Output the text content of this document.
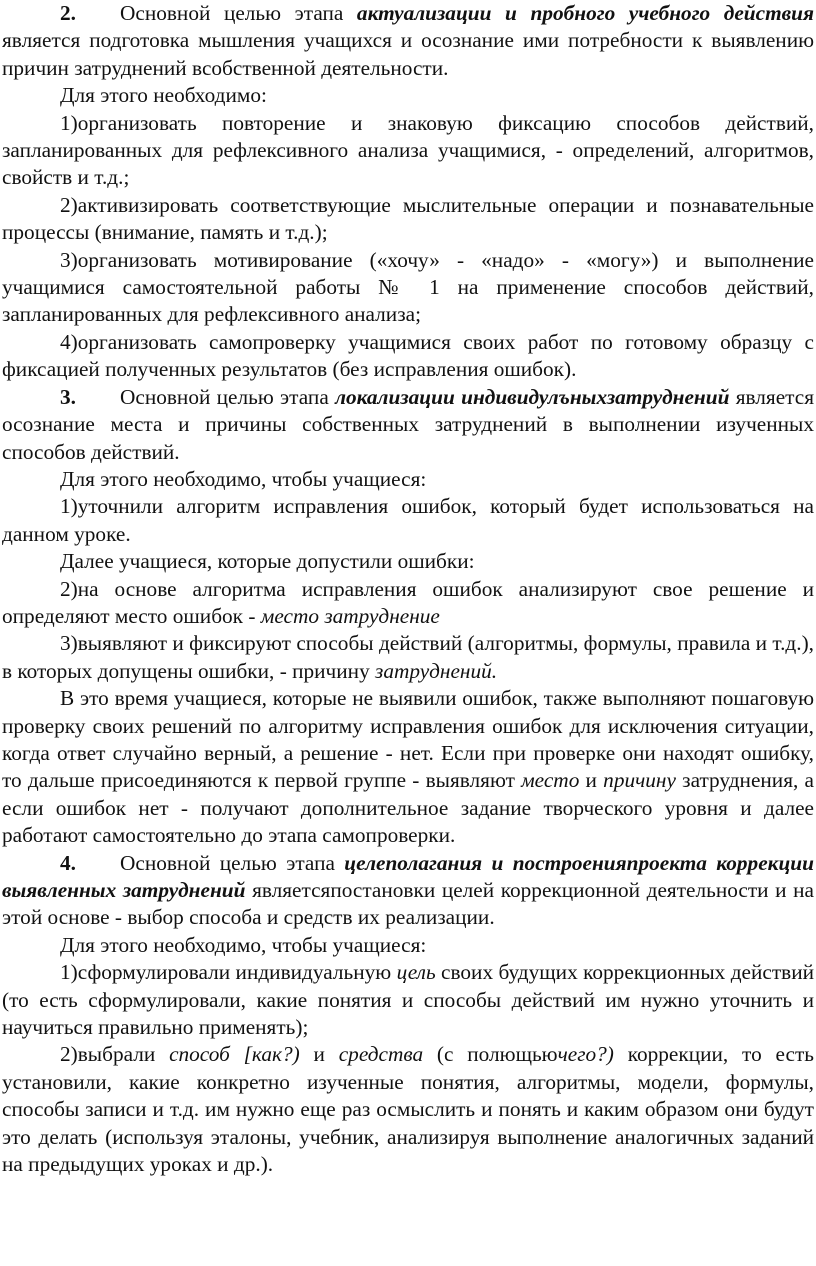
2. Основной целью этапа актуализации и пробного учебного действия является подготовка мышления учащихся и осознание ими потребности к выявлению причин затруднений всобственной деятельности.

Для этого необходимо:

1)организовать повторение и знаковую фиксацию способов действий, запланированных для рефлексивного анализа учащимися, - определений, алгоритмов, свойств и т.д.;

2)активизировать соответствующие мыслительные операции и познавательные процессы (внимание, память и т.д.);

3)организовать мотивирование («хочу» - «надо» - «могу») и выполнение учащимися самостоятельной работы № 1 на применение способов действий, запланированных для рефлексивного анализа;

4)организовать самопроверку учащимися своих работ по готовому образцу с фиксацией полученных результатов (без исправления ошибок).

3. Основной целью этапа локализации индивидулъныхзатруднений является осознание места и причины собственных затруднений в выполнении изученных способов действий.

Для этого необходимо, чтобы учащиеся:

1)уточнили алгоритм исправления ошибок, который будет использоваться на данном уроке.

Далее учащиеся, которые допустили ошибки:

2)на основе алгоритма исправления ошибок анализируют свое решение и определяют место ошибок - место затруднение

3)выявляют и фиксируют способы действий (алгоритмы, формулы, правила и т.д.), в которых допущены ошибки, - причину затруднений.

В это время учащиеся, которые не выявили ошибок, также выполняют пошаговую проверку своих решений по алгоритму исправления ошибок для исключения ситуации, когда ответ случайно верный, а решение - нет. Если при проверке они находят ошибку, то дальше присоединяются к первой группе - выявляют место и причину затруднения, а если ошибок нет - получают дополнительное задание творческого уровня и далее работают самостоятельно до этапа самопроверки.

4. Основной целью этапа целеполагания и построенияпроекта коррекции выявленных затруднений являетсяпостановки целей коррекционной деятельности и на этой основе - выбор способа и средств их реализации.

Для этого необходимо, чтобы учащиеся:

1)сформулировали индивидуальную цель своих будущих коррекционных действий (то есть сформулировали, какие понятия и способы действий им нужно уточнить и научиться правильно применять);

2)выбрали способ [как?) и средства (с полющьючего?) коррекции, то есть установили, какие конкретно изученные понятия, алгоритмы, модели, формулы, способы записи и т.д. им нужно еще раз осмыслить и понять и каким образом они будут это делать (используя эталоны, учебник, анализируя выполнение аналогичных заданий на предыдущих уроках и др.).
